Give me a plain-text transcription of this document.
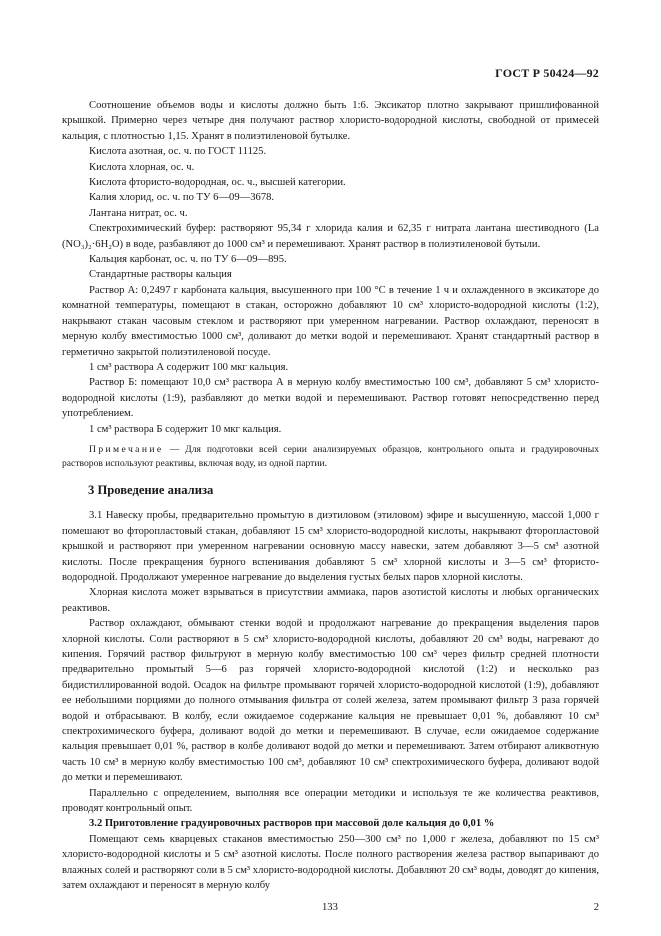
ГОСТ Р 50424—92

Соотношение объемов воды и кислоты должно быть 1:6. Эксикатор плотно закрывают пришлифованной крышкой. Примерно через четыре дня получают раствор хлористо-водородной кислоты, свободной от примесей кальция, с плотностью 1,15. Хранят в полиэтиленовой бутылке.

Кислота азотная, ос. ч. по ГОСТ 11125.

Кислота хлорная, ос. ч.

Кислота фтористо-водородная, ос. ч., высшей категории.

Калия хлорид, ос. ч. по ТУ 6—09—3678.

Лантана нитрат, ос. ч.

Спектрохимический буфер: растворяют 95,34 г хлорида калия и 62,35 г нитрата лантана шестиводного (La (NO₃)₂·6H₂O) в воде, разбавляют до 1000 см³ и перемешивают. Хранят раствор в полиэтиленовой бутыли.

Кальция карбонат, ос. ч. по ТУ 6—09—895.

Стандартные растворы кальция

Раствор А: 0,2497 г карбоната кальция, высушенного при 100 °С в течение 1 ч и охлажденного в эксикаторе до комнатной температуры, помещают в стакан, осторожно добавляют 10 см³ хлористо-водородной кислоты (1:2), накрывают стакан часовым стеклом и растворяют при умеренном нагревании. Раствор охлаждают, переносят в мерную колбу вместимостью 1000 см³, доливают до метки водой и перемешивают. Хранят стандартный раствор в герметично закрытой полиэтиленовой посуде.

1 см³ раствора А содержит 100 мкг кальция.

Раствор Б: помещают 10,0 см³ раствора А в мерную колбу вместимостью 100 см³, добавляют 5 см³ хлористо-водородной кислоты (1:9), разбавляют до метки водой и перемешивают. Раствор готовят непосредственно перед употреблением.

1 см³ раствора Б содержит 10 мкг кальция.

Примечание — Для подготовки всей серии анализируемых образцов, контрольного опыта и градуировочных растворов используют реактивы, включая воду, из одной партии.

3 Проведение анализа

3.1 Навеску пробы, предварительно промытую в диэтиловом (этиловом) эфире и высушенную, массой 1,000 г помешают во фторопластовый стакан, добавляют 15 см³ хлористо-водородной кислоты, накрывают фторопластовой крышкой и растворяют при умеренном нагревании основную массу навески, затем добавляют 3—5 см³ азотной кислоты. После прекращения бурного вспенивания добавляют 5 см³ хлорной кислоты и 3—5 см³ фтористо-водородной. Продолжают умеренное нагревание до выделения густых белых паров хлорной кислоты.

Хлорная кислота может взрываться в присутствии аммиака, паров азотистой кислоты и любых органических реактивов.

Раствор охлаждают, обмывают стенки водой и продолжают нагревание до прекращения выделения паров хлорной кислоты. Соли растворяют в 5 см³ хлористо-водородной кислоты, добавляют 20 см³ воды, нагревают до кипения. Горячий раствор фильтруют в мерную колбу вместимостью 100 см³ через фильтр средней плотности предварительно промытый 5—6 раз горячей хлористо-водородной кислотой (1:2) и несколько раз бидистиллированной водой. Осадок на фильтре промывают горячей хлористо-водородной кислотой (1:9), добавляют ее небольшими порциями до полного отмывания фильтра от солей железа, затем промывают фильтр 3 раза горячей водой и отбрасывают. В колбу, если ожидаемое содержание кальция не превышает 0,01 %, добавляют 10 см³ спектрохимического буфера, доливают водой до метки и перемешивают. В случае, если ожидаемое содержание кальция превышает 0,01 %, раствор в колбе доливают водой до метки и перемешивают. Затем отбирают аликвотную часть 10 см³ в мерную колбу вместимостью 100 см³, добавляют 10 см³ спектрохимического буфера, доливают водой до метки и перемешивают.

Параллельно с определением, выполняя все операции методики и используя те же количества реактивов, проводят контрольный опыт.

3.2 Приготовление градуировочных растворов при массовой доле кальция до 0,01 %

Помещают семь кварцевых стаканов вместимостью 250—300 см³ по 1,000 г железа, добавляют по 15 см³ хлористо-водородной кислоты и 5 см³ азотной кислоты. После полного растворения железа раствор выпаривают до влажных солей и растворяют соли в 5 см³ хлористо-водородной кислоты. Добавляют 20 см³ воды, доводят до кипения, затем охлаждают и переносят в мерную колбу

133	2
